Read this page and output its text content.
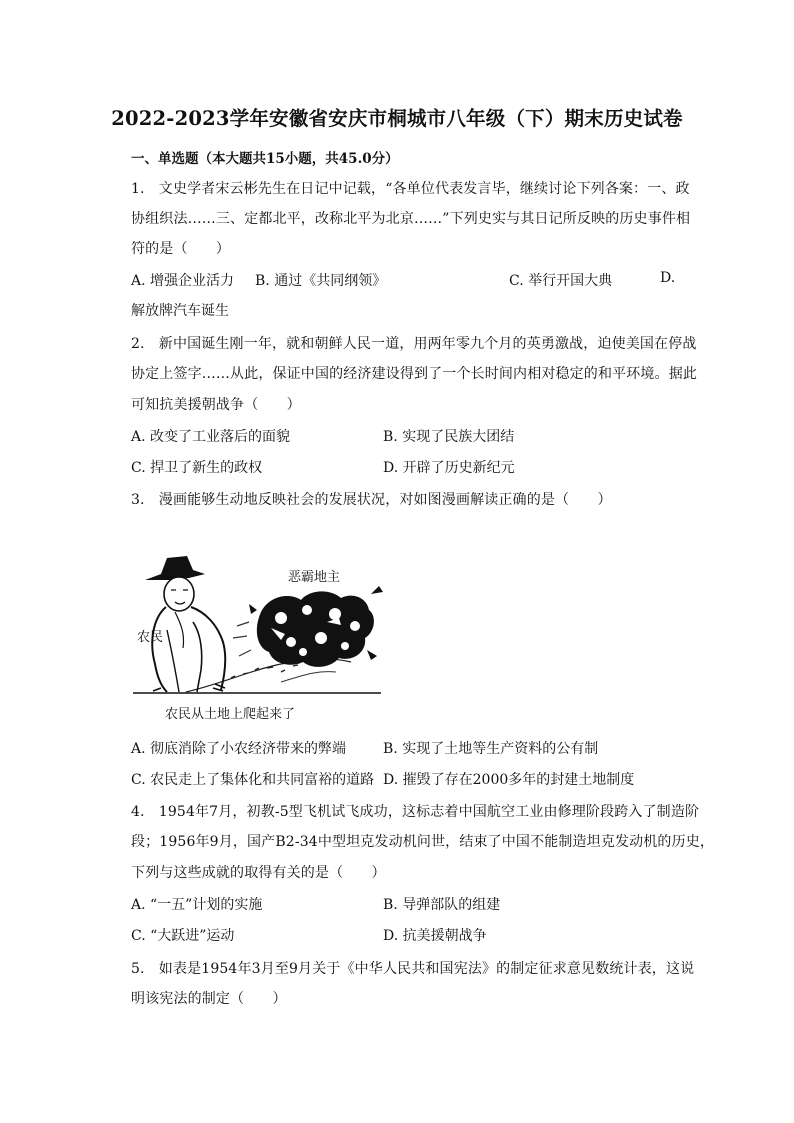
2022-2023学年安徽省安庆市桐城市八年级（下）期末历史试卷
一、单选题（本大题共15小题，共45.0分）
1.　文史学者宋云彬先生在日记中记载，“各单位代表发言毕，继续讨论下列各案：一、政
协组织法……三、定都北平，改称北平为北京……”下列史实与其日记所反映的历史事件相
符的是（　　）
A. 增强企业活力 B. 通过《共同纲领》	C. 举行开国大典	D.
解放牌汽车诞生
2.　新中国诞生刚一年，就和朝鲜人民一道，用两年零九个月的英勇激战，迫使美国在停战
协定上签字……从此，保证中国的经济建设得到了一个长时间内相对稳定的和平环境。据此
可知抗美援朝战争（　　）
A. 改变了工业落后的面貌	B. 实现了民族大团结
C. 捍卫了新生的政权	D. 开辟了历史新纪元
3.　漫画能够生动地反映社会的发展状况，对如图漫画解读正确的是（　　）
恶霸地主
农民
农民从土地上爬起来了
A. 彻底消除了小农经济带来的弊端	B. 实现了土地等生产资料的公有制
C. 农民走上了集体化和共同富裕的道路 D. 摧毁了存在2000多年的封建土地制度
4.　1954年7月，初教-5型飞机试飞成功，这标志着中国航空工业由修理阶段跨入了制造阶
段；1956年9月，国产B2-34中型坦克发动机问世，结束了中国不能制造坦克发动机的历史，
下列与这些成就的取得有关的是（　　）
A. “一五”计划的实施	B. 导弹部队的组建
C. “大跃进”运动	D. 抗美援朝战争
5.　如表是1954年3月至9月关于《中华人民共和国宪法》的制定征求意见数统计表，这说
明该宪法的制定（　　）
